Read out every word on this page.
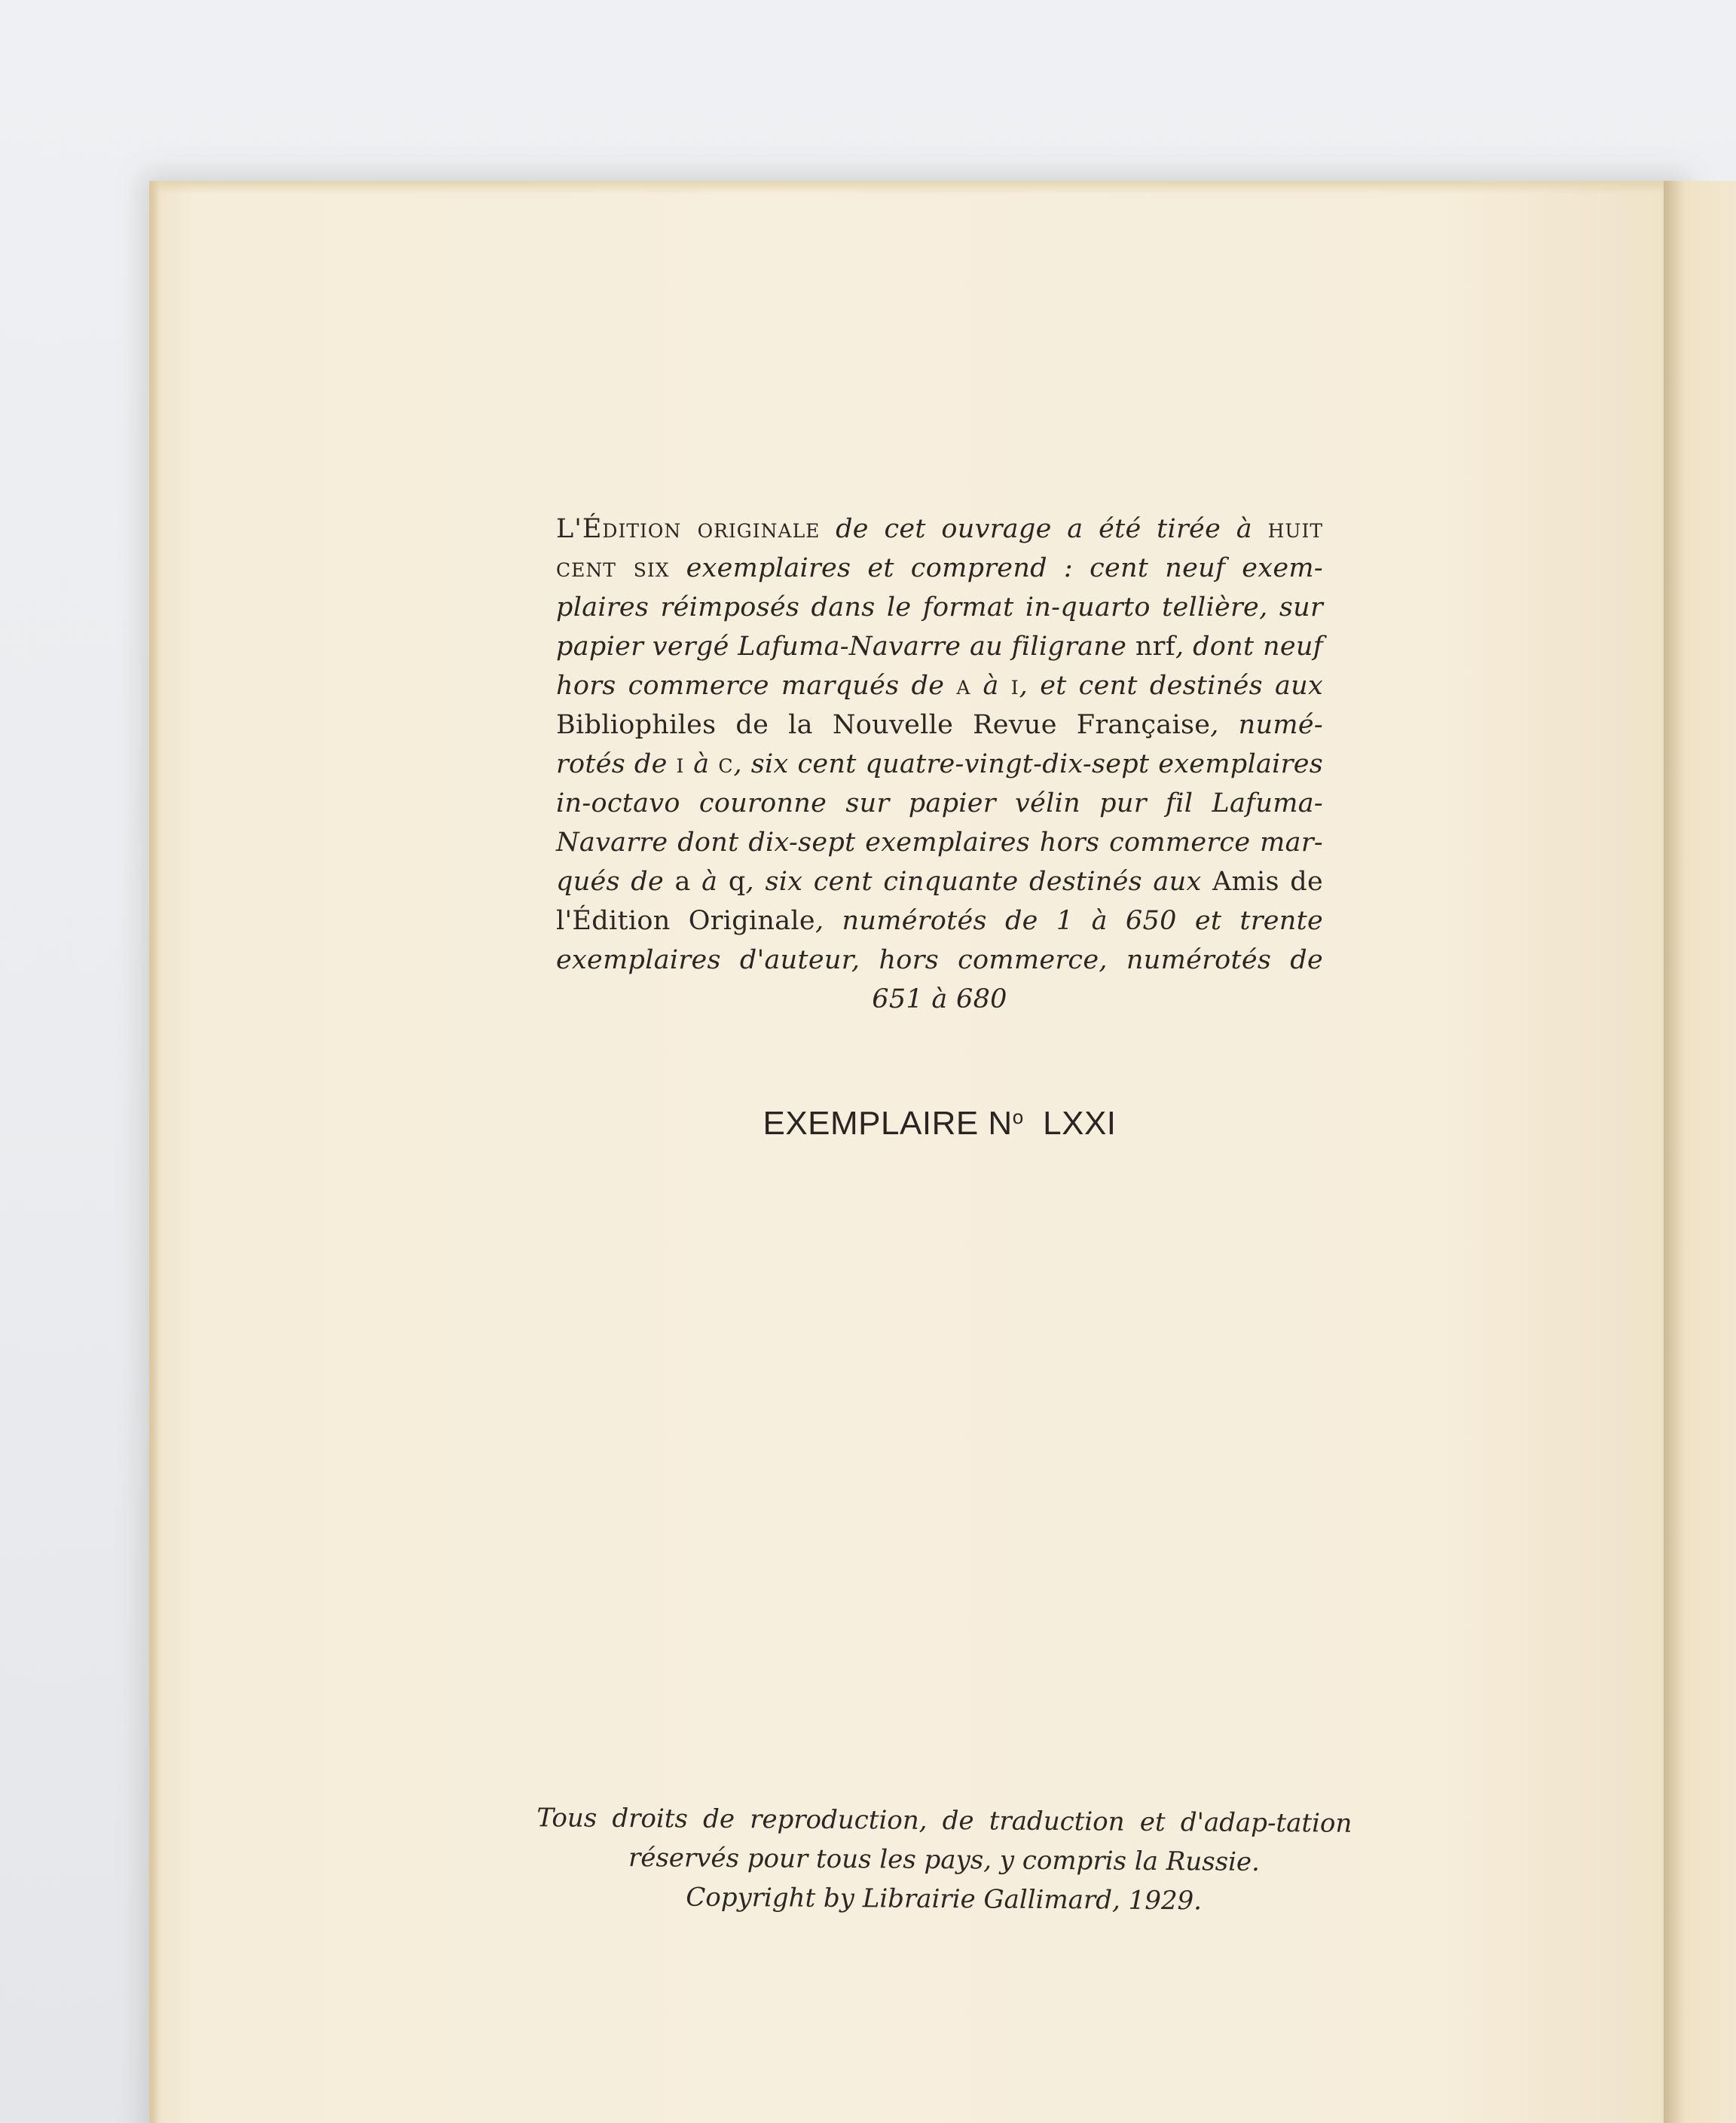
L'Édition originale de cet ouvrage a été tirée à huit cent six exemplaires et comprend : cent neuf exem-plaires réimposés dans le format in-quarto tellière, sur papier vergé Lafuma-Navarre au filigrane nrf, dont neuf hors commerce marqués de a à i, et cent destinés aux Bibliophiles de la Nouvelle Revue Française, numé-rotés de i à c, six cent quatre-vingt-dix-sept exemplaires in-octavo couronne sur papier vélin pur fil Lafuma-Navarre dont dix-sept exemplaires hors commerce mar-qués de a à q, six cent cinquante destinés aux Amis de l'Édition Originale, numérotés de 1 à 650 et trente exemplaires d'auteur, hors commerce, numérotés de 651 à 680
EXEMPLAIRE $N^o$ LXXI
Tous droits de reproduction, de traduction et d'adap-tation réservés pour tous les pays, y compris la Russie.
Copyright by Librairie Gallimard, 1929.
